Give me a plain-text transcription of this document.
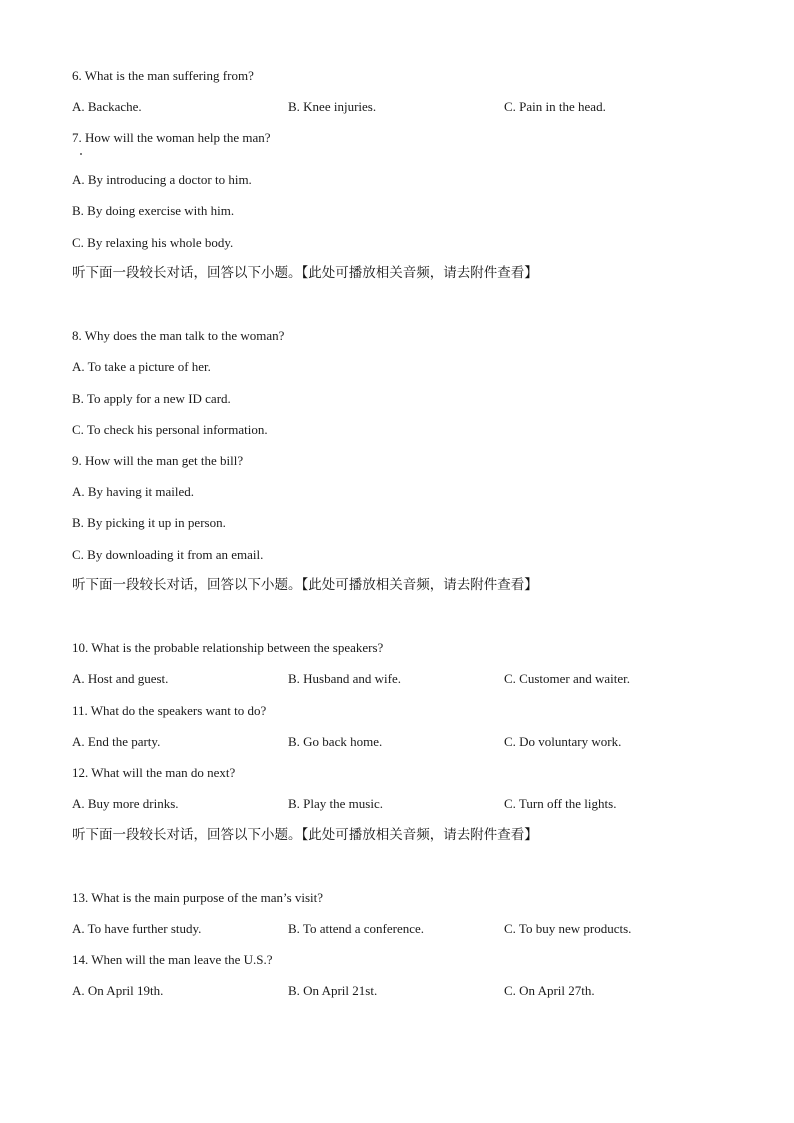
6. What is the man suffering from?
A. Backache.	B. Knee injuries.	C. Pain in the head.
7. How will the woman help the man?
A. By introducing a doctor to him.
B. By doing exercise with him.
C. By relaxing his whole body.
听下面一段较长对话，回答以下小题。【此处可播放相关音频，请去附件查看】
8. Why does the man talk to the woman?
A. To take a picture of her.
B. To apply for a new ID card.
C. To check his personal information.
9. How will the man get the bill?
A. By having it mailed.
B. By picking it up in person.
C. By downloading it from an email.
听下面一段较长对话，回答以下小题。【此处可播放相关音频，请去附件查看】
10. What is the probable relationship between the speakers?
A. Host and guest.	B. Husband and wife.	C. Customer and waiter.
11. What do the speakers want to do?
A. End the party.	B. Go back home.	C. Do voluntary work.
12. What will the man do next?
A. Buy more drinks.	B. Play the music.	C. Turn off the lights.
听下面一段较长对话，回答以下小题。【此处可播放相关音频，请去附件查看】
13. What is the main purpose of the man’s visit?
A. To have further study.	B. To attend a conference.	C. To buy new products.
14. When will the man leave the U.S.?
A. On April 19th.	B. On April 21st.	C. On April 27th.
